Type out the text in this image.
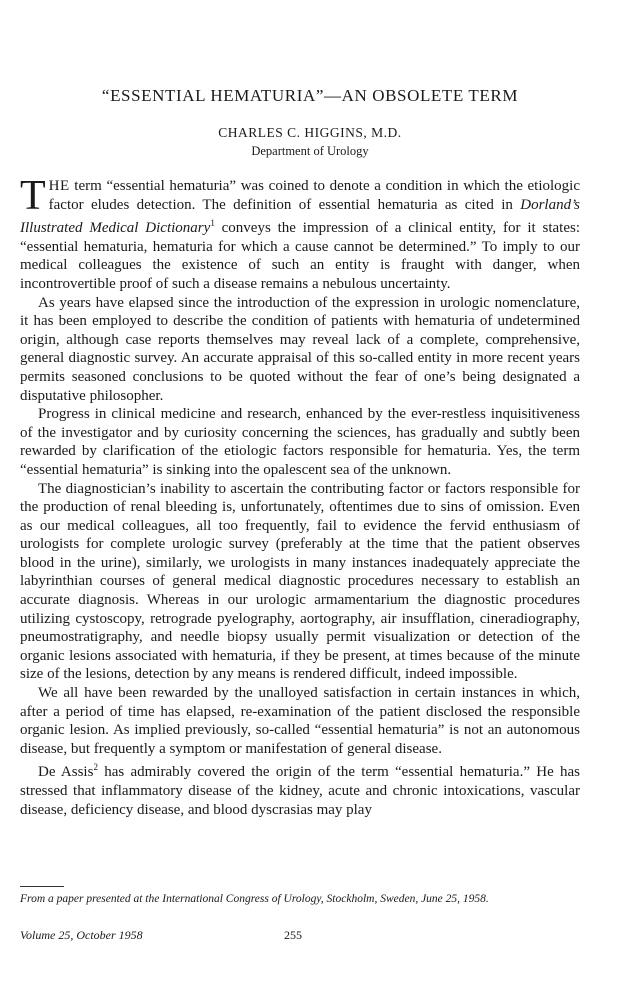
“ESSENTIAL HEMATURIA”—AN OBSOLETE TERM
CHARLES C. HIGGINS, M.D.
Department of Urology

THE term “essential hematuria” was coined to denote a condition in which the etiologic factor eludes detection. The definition of essential hematuria as cited in Dorland’s Illustrated Medical Dictionary$^1$ conveys the impression of a clinical entity, for it states: “essential hematuria, hematuria for which a cause cannot be determined.” To imply to our medical colleagues the existence of such an entity is fraught with danger, when incontrovertible proof of such a disease remains a nebulous uncertainty.

As years have elapsed since the introduction of the expression in urologic nomenclature, it has been employed to describe the condition of patients with hematuria of undetermined origin, although case reports themselves may reveal lack of a complete, comprehensive, general diagnostic survey. An accurate appraisal of this so-called entity in more recent years permits seasoned conclusions to be quoted without the fear of one’s being designated a disputative philosopher.

Progress in clinical medicine and research, enhanced by the ever-restless inquisitiveness of the investigator and by curiosity concerning the sciences, has gradually and subtly been rewarded by clarification of the etiologic factors responsible for hematuria. Yes, the term “essential hematuria” is sinking into the opalescent sea of the unknown.

The diagnostician’s inability to ascertain the contributing factor or factors responsible for the production of renal bleeding is, unfortunately, oftentimes due to sins of omission. Even as our medical colleagues, all too frequently, fail to evidence the fervid enthusiasm of urologists for complete urologic survey (preferably at the time that the patient observes blood in the urine), similarly, we urologists in many instances inadequately appreciate the labyrinthian courses of general medical diagnostic procedures necessary to establish an accurate diagnosis. Whereas in our urologic armamentarium the diagnostic procedures utilizing cystoscopy, retrograde pyelography, aortography, air insufflation, cineradiography, pneumostratigraphy, and needle biopsy usually permit visualization or detection of the organic lesions associated with hematuria, if they be present, at times because of the minute size of the lesions, detection by any means is rendered difficult, indeed impossible.

We all have been rewarded by the unalloyed satisfaction in certain instances in which, after a period of time has elapsed, re-examination of the patient disclosed the responsible organic lesion. As implied previously, so-called “essential hematuria” is not an autonomous disease, but frequently a symptom or manifestation of general disease.

De Assis$^2$ has admirably covered the origin of the term “essential hematuria.” He has stressed that inflammatory disease of the kidney, acute and chronic intoxications, vascular disease, deficiency disease, and blood dyscrasias may play

From a paper presented at the International Congress of Urology, Stockholm, Sweden, June 25, 1958.
Volume 25, October 1958	255
